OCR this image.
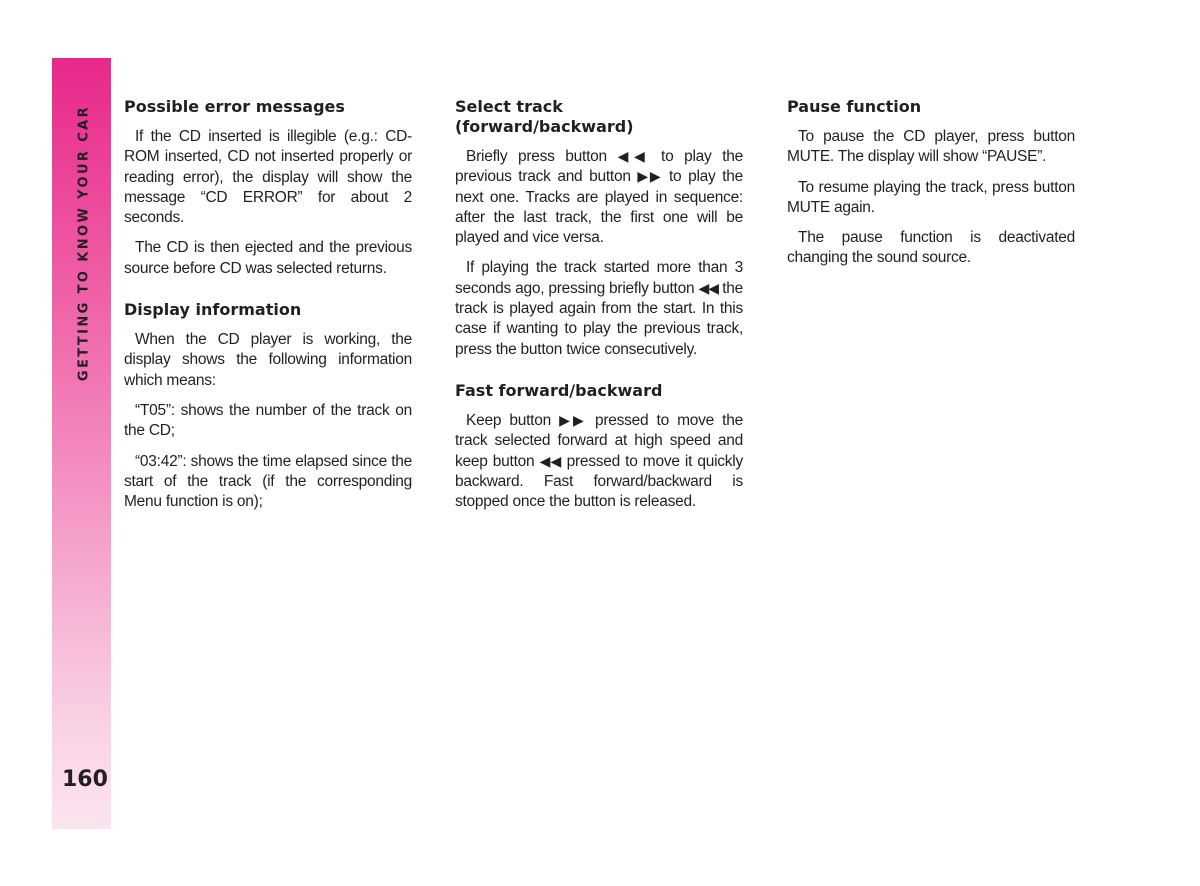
GETTING TO KNOW YOUR CAR
160
Possible error messages

If the CD inserted is illegible (e.g.: CD-ROM inserted, CD not inserted properly or reading error), the display will show the message “CD ERROR” for about 2 seconds.

The CD is then ejected and the previous source before CD was selected returns.

Display information

When the CD player is working, the display shows the following information which means:

“T05”: shows the number of the track on the CD;

“03:42”: shows the time elapsed since the start of the track (if the corresponding Menu function is on);

Select track
(forward/backward)

Briefly press button ◀◀ to play the previous track and button ▶▶ to play the next one. Tracks are played in sequence: after the last track, the first one will be played and vice versa.

If playing the track started more than 3 seconds ago, pressing briefly button ◀◀ the track is played again from the start. In this case if wanting to play the previous track, press the button twice consecutively.

Fast forward/backward

Keep button ▶▶ pressed to move the track selected forward at high speed and keep button ◀◀ pressed to move it quickly backward. Fast forward/backward is stopped once the button is released.

Pause function

To pause the CD player, press button MUTE. The display will show “PAUSE”.

To resume playing the track, press button MUTE again.

The pause function is deactivated changing the sound source.
